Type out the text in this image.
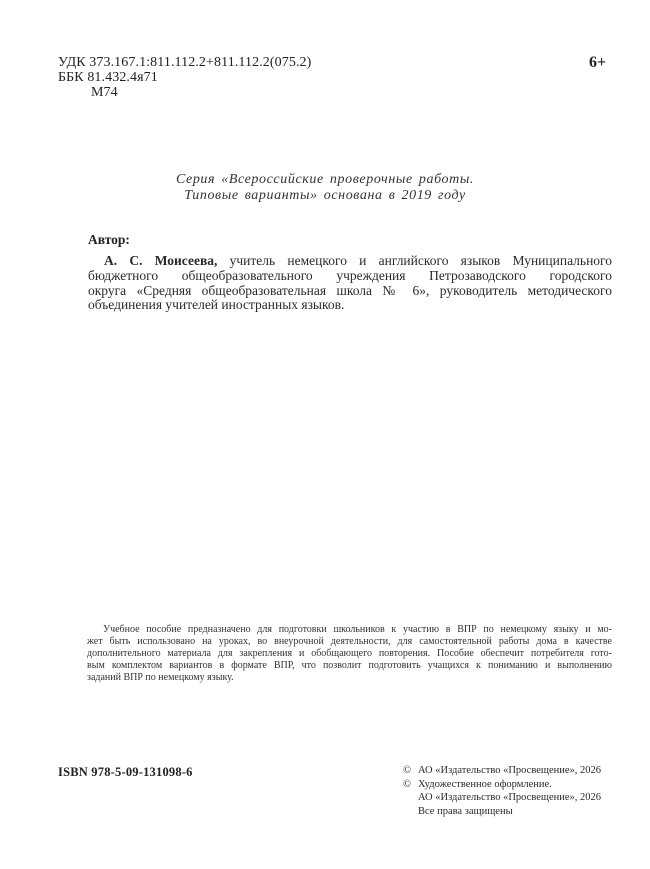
УДК 373.167.1:811.112.2+811.112.2(075.2)
ББК 81.432.4я71
М74
6+
Серия «Всероссийские проверочные работы.
Типовые варианты» основана в 2019 году
Автор:
А. С. Моисеева, учитель немецкого и английского языков Муниципального
бюджетного общеобразовательного учреждения Петрозаводского городского
округа «Средняя общеобразовательная школа № 6», руководитель методического
объединения учителей иностранных языков.
Учебное пособие предназначено для подготовки школьников к участию в ВПР по немецкому языку и мо-
жет быть использовано на уроках, во внеурочной деятельности, для самостоятельной работы дома в качестве
дополнительного материала для закрепления и обобщающего повторения. Пособие обеспечит потребителя гото-
вым комплектом вариантов в формате ВПР, что позволит подготовить учащихся к пониманию и выполнению
заданий ВПР по немецкому языку.
ISBN 978-5-09-131098-6	© АО «Издательство «Просвещение», 2026
© Художественное оформление.
АО «Издательство «Просвещение», 2026
Все права защищены
